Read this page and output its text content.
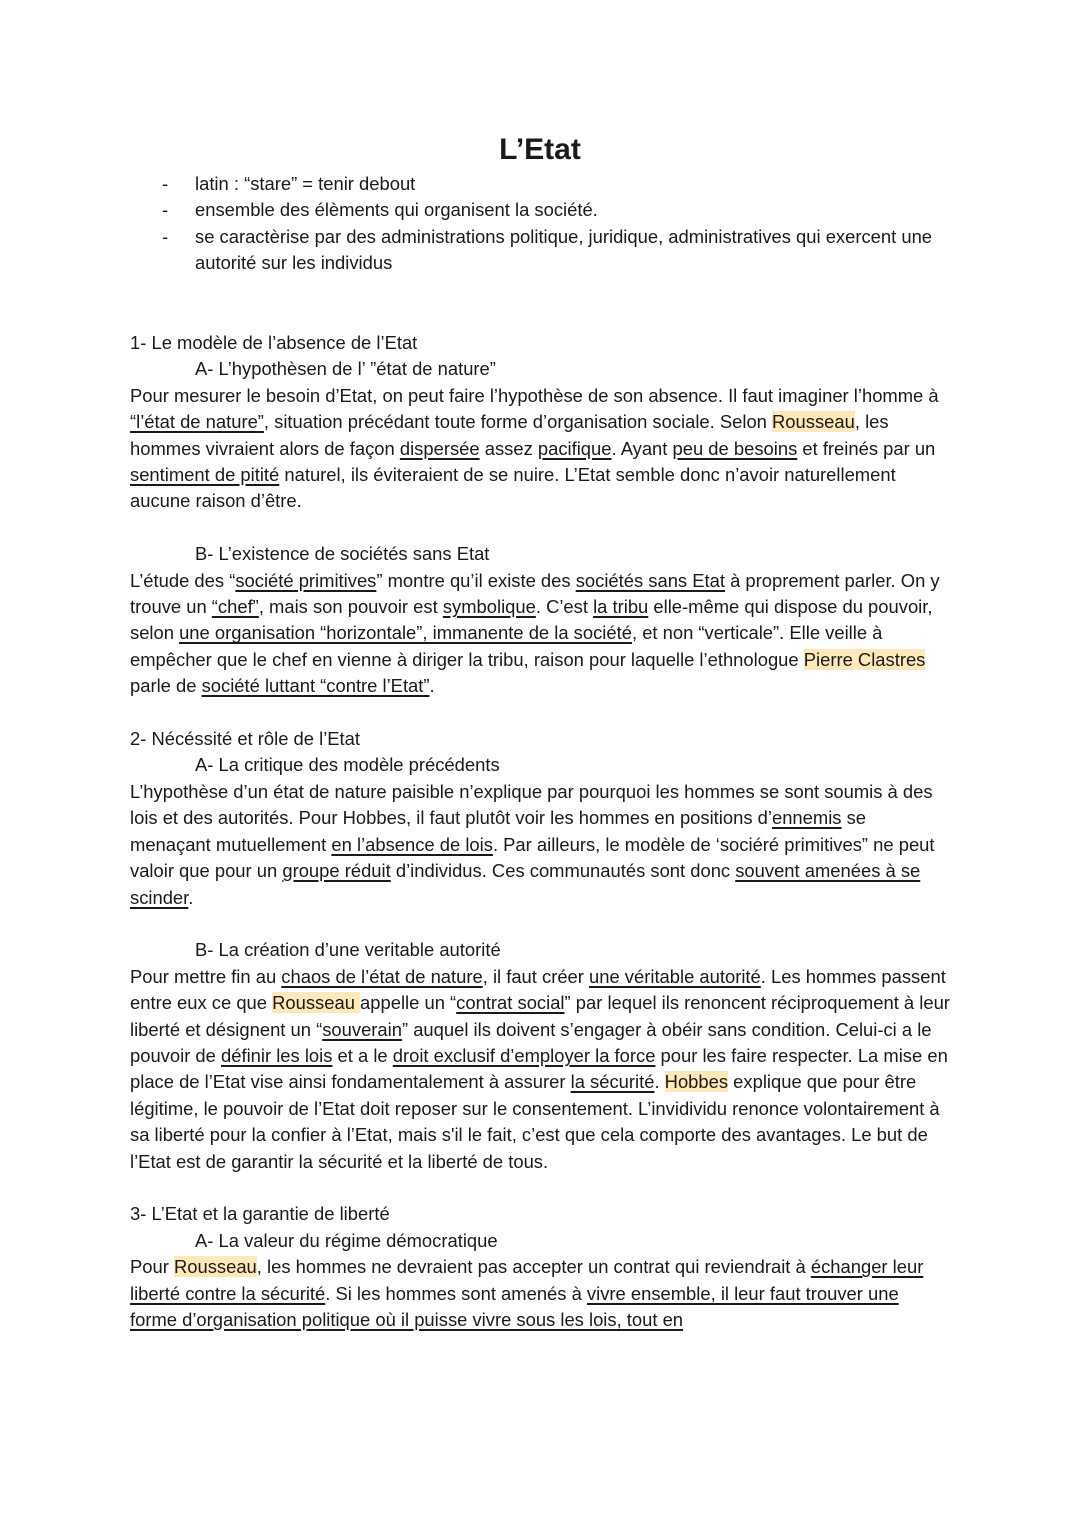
L’Etat
- latin : “stare” = tenir debout
- ensemble des élèments qui organisent la société.
- se caractèrise par des administrations politique, juridique, administratives qui exercent une autorité sur les individus

1- Le modèle de l’absence de l’Etat

A- L’hypothèsen de l’ ”état de nature”

Pour mesurer le besoin d’Etat, on peut faire l’hypothèse de son absence. Il faut imaginer l’homme à “l’état de nature”, situation précédant toute forme d’organisation sociale. Selon Rousseau, les hommes vivraient alors de façon dispersée assez pacifique. Ayant peu de besoins et freinés par un sentiment de pitité naturel, ils éviteraient de se nuire. L’Etat semble donc n’avoir naturellement aucune raison d’être.

B- L’existence de sociétés sans Etat

L’étude des “société primitives” montre qu’il existe des sociétés sans Etat à proprement parler. On y trouve un “chef”, mais son pouvoir est symbolique. C’est la tribu elle-même qui dispose du pouvoir, selon une organisation “horizontale”, immanente de la société, et non “verticale”. Elle veille à empêcher que le chef en vienne à diriger la tribu, raison pour laquelle l’ethnologue Pierre Clastres parle de société luttant “contre l’Etat”.

2- Nécéssité et rôle de l’Etat

A- La critique des modèle précédents

L’hypothèse d’un état de nature paisible n’explique par pourquoi les hommes se sont soumis à des lois et des autorités. Pour Hobbes, il faut plutôt voir les hommes en positions d’ennemis se menaçant mutuellement en l’absence de lois. Par ailleurs, le modèle de ‘sociéré primitives” ne peut valoir que pour un groupe réduit d’individus. Ces communautés sont donc souvent amenées à se scinder.

B- La création d’une veritable autorité

Pour mettre fin au chaos de l’état de nature, il faut créer une véritable autorité. Les hommes passent entre eux ce que Rousseau appelle un “contrat social” par lequel ils renoncent réciproquement à leur liberté et désignent un “souverain” auquel ils doivent s’engager à obéir sans condition. Celui-ci a le pouvoir de définir les lois et a le droit exclusif d’employer la force pour les faire respecter. La mise en place de l’Etat vise ainsi fondamentalement à assurer la sécurité. Hobbes explique que pour être légitime, le pouvoir de l’Etat doit reposer sur le consentement. L’invidividu renonce volontairement à sa liberté pour la confier à l’Etat, mais s'il le fait, c’est que cela comporte des avantages. Le but de l’Etat est de garantir la sécurité et la liberté de tous.

3- L’Etat et la garantie de liberté

A- La valeur du régime démocratique

Pour Rousseau, les hommes ne devraient pas accepter un contrat qui reviendrait à échanger leur liberté contre la sécurité. Si les hommes sont amenés à vivre ensemble, il leur faut trouver une forme d’organisation politique où il puisse vivre sous les lois, tout en
